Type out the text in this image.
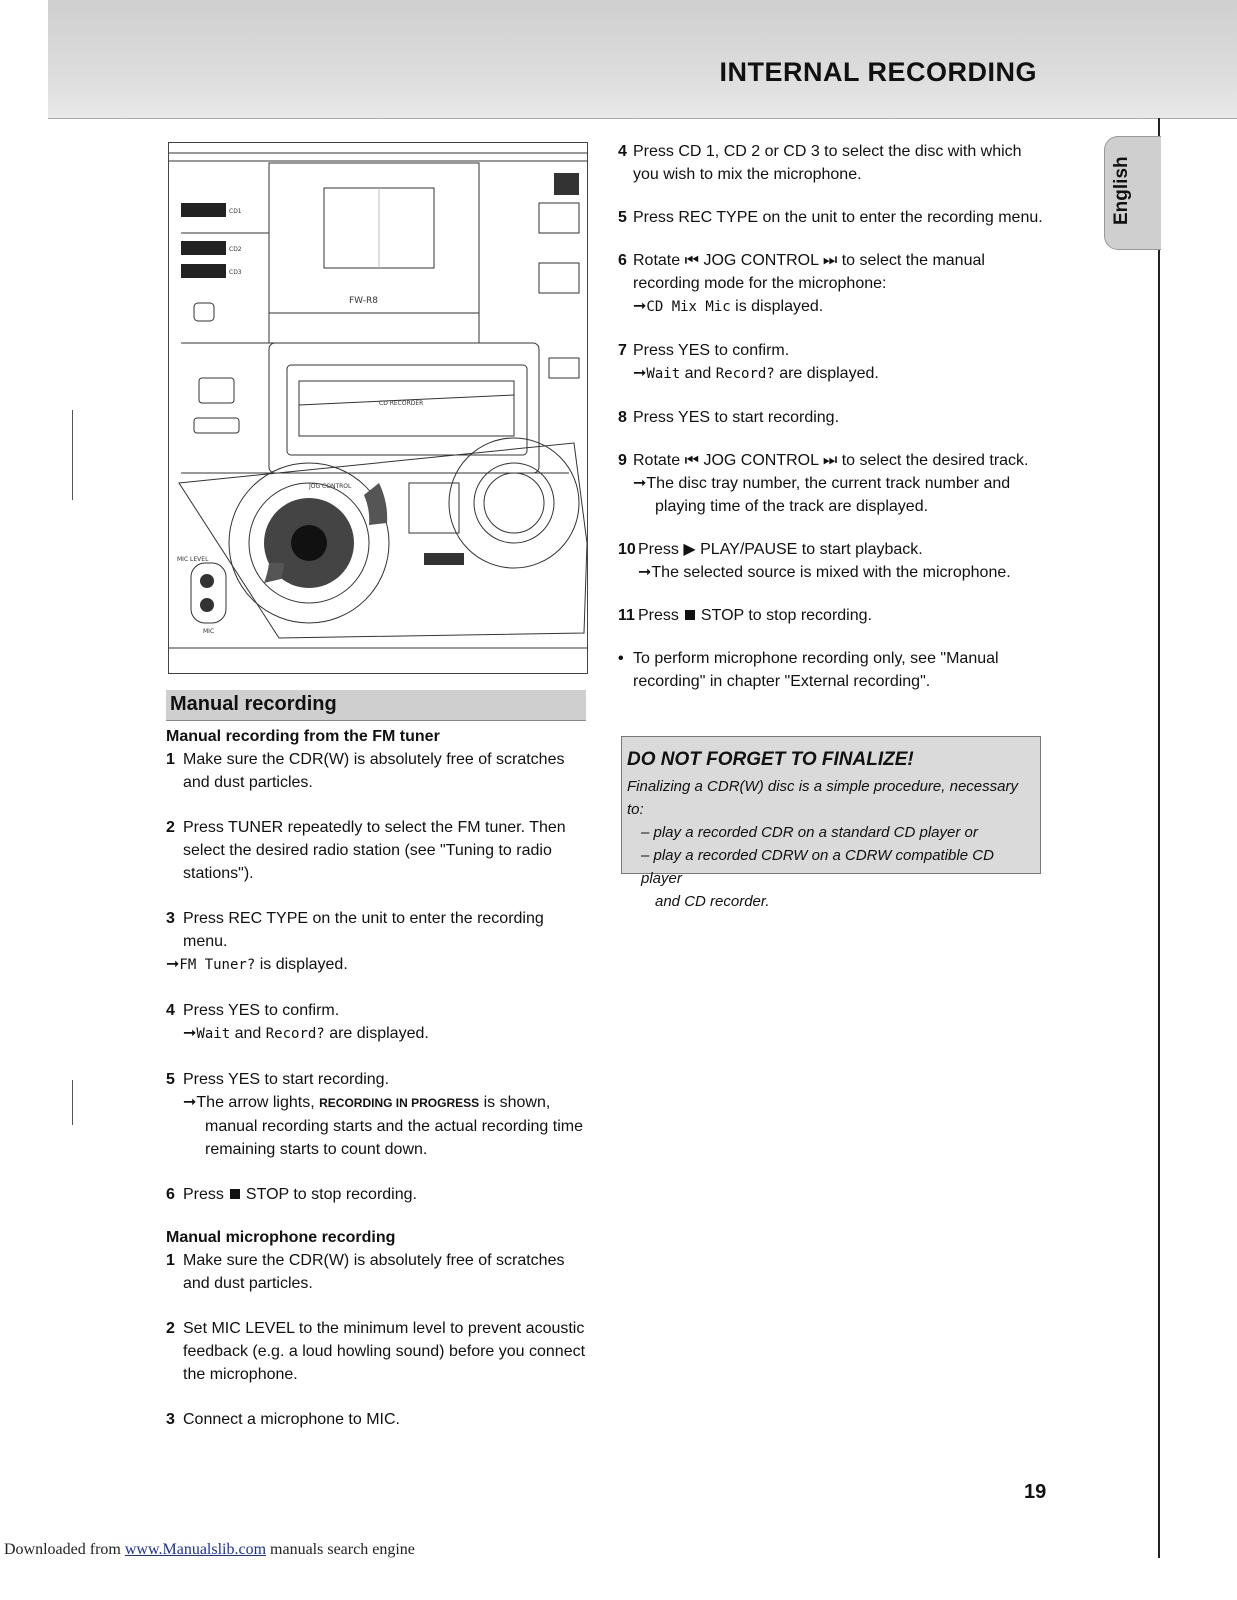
INTERNAL RECORDING
English
CD1
CD2
CD3
FW-R8
CD RECORDER
JOG CONTROL
MIC LEVEL
MIC
Manual recording

Manual recording from the FM tuner

1 Make sure the CDR(W) is absolutely free of scratches and dust particles.

2 Press TUNER repeatedly to select the FM tuner. Then select the desired radio station (see "Tuning to radio stations").

3 Press REC TYPE on the unit to enter the recording menu.
➞FM Tuner? is displayed.

4 Press YES to confirm.
➞Wait and Record? are displayed.

5 Press YES to start recording.
➞The arrow lights, RECORDING IN PROGRESS is shown, manual recording starts and the actual recording time remaining starts to count down.

6 Press STOP to stop recording.

Manual microphone recording

1 Make sure the CDR(W) is absolutely free of scratches and dust particles.

2 Set MIC LEVEL to the minimum level to prevent acoustic feedback (e.g. a loud howling sound) before you connect the microphone.

3 Connect a microphone to MIC.

4 Press CD 1, CD 2 or CD 3 to select the disc with which you wish to mix the microphone.

5 Press REC TYPE on the unit to enter the recording menu.

6 Rotate ⏮ JOG CONTROL ⏭ to select the manual recording mode for the microphone:
➞CD Mix Mic is displayed.

7 Press YES to confirm.
➞Wait and Record? are displayed.

8 Press YES to start recording.

9 Rotate ⏮ JOG CONTROL ⏭ to select the desired track.
➞The disc tray number, the current track number and playing time of the track are displayed.

10 Press ▶ PLAY/PAUSE to start playback.
➞The selected source is mixed with the microphone.

11 Press STOP to stop recording.

• To perform microphone recording only, see "Manual recording" in chapter "External recording".

DO NOT FORGET TO FINALIZE!
Finalizing a CDR(W) disc is a simple procedure, necessary to:
– play a recorded CDR on a standard CD player or
– play a recorded CDRW on a CDRW compatible CD player
and CD recorder.
19
Downloaded from www.Manualslib.com manuals search engine
